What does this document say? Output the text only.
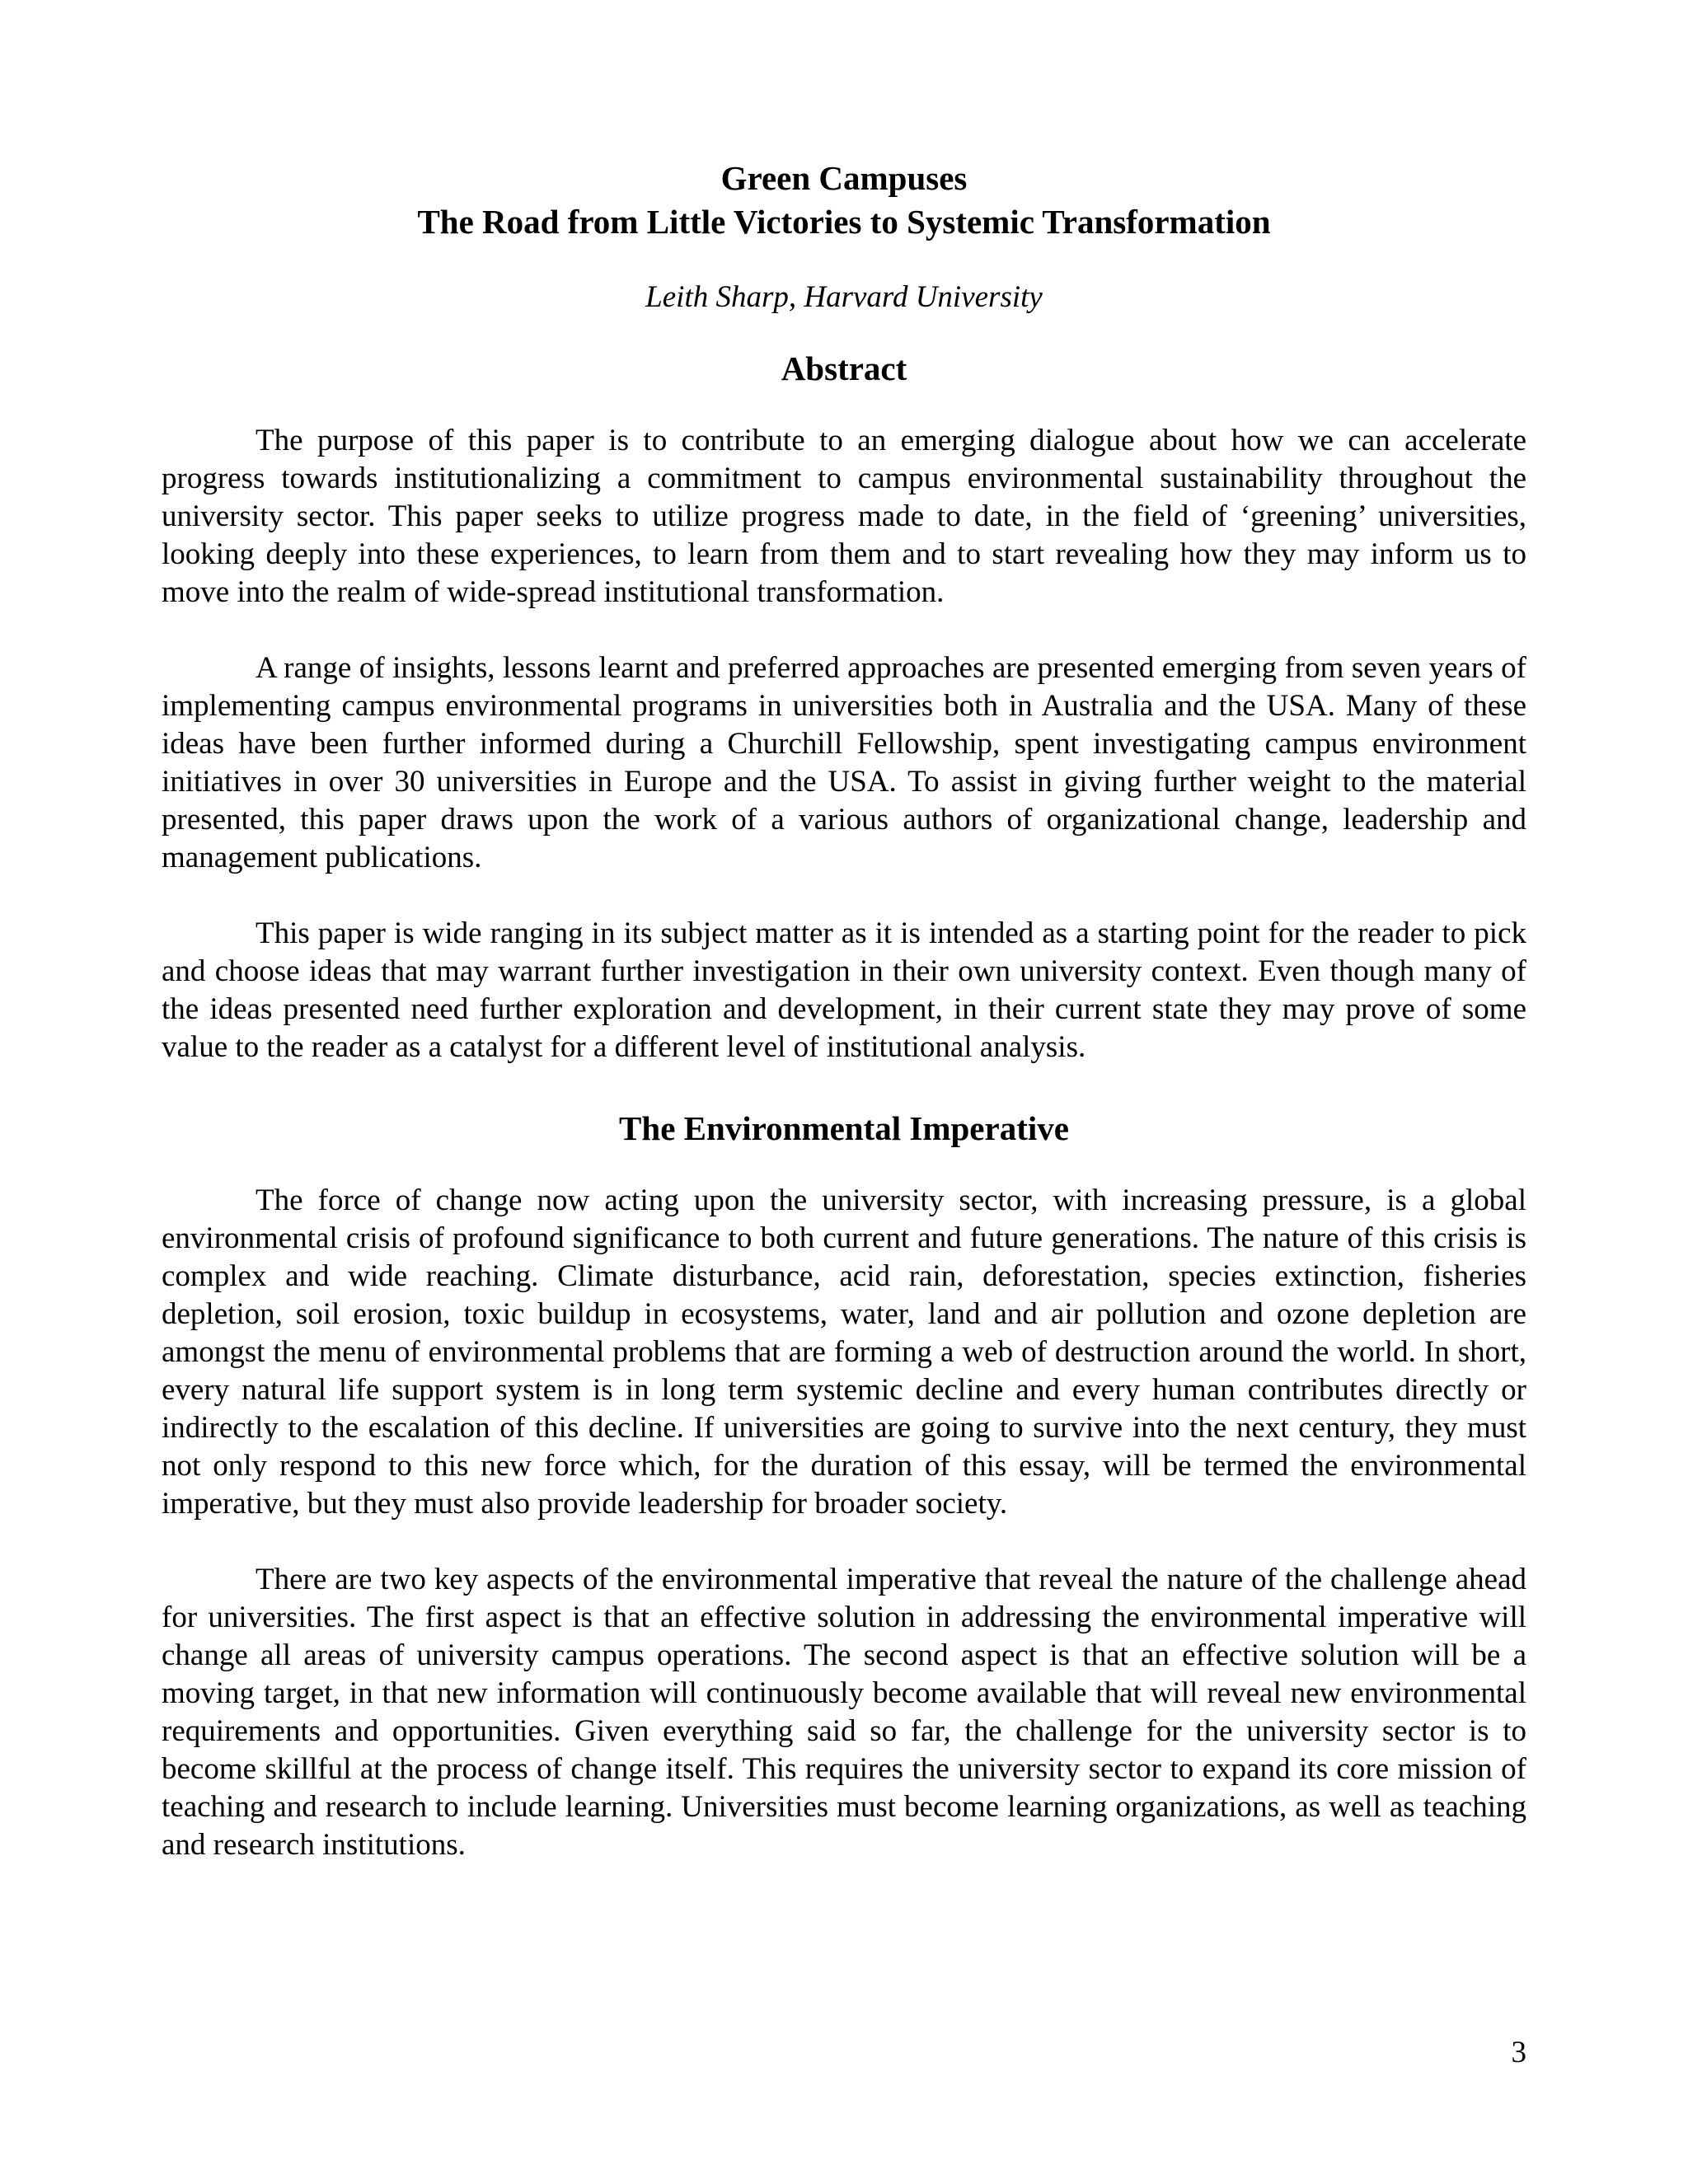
Green Campuses
The Road from Little Victories to Systemic Transformation

Leith Sharp, Harvard University

Abstract

The purpose of this paper is to contribute to an emerging dialogue about how we can accelerate progress towards institutionalizing a commitment to campus environmental sustainability throughout the university sector. This paper seeks to utilize progress made to date, in the field of ‘greening’ universities, looking deeply into these experiences, to learn from them and to start revealing how they may inform us to move into the realm of wide-spread institutional transformation.

A range of insights, lessons learnt and preferred approaches are presented emerging from seven years of implementing campus environmental programs in universities both in Australia and the USA. Many of these ideas have been further informed during a Churchill Fellowship, spent investigating campus environment initiatives in over 30 universities in Europe and the USA. To assist in giving further weight to the material presented, this paper draws upon the work of a various authors of organizational change, leadership and management publications.

This paper is wide ranging in its subject matter as it is intended as a starting point for the reader to pick and choose ideas that may warrant further investigation in their own university context. Even though many of the ideas presented need further exploration and development, in their current state they may prove of some value to the reader as a catalyst for a different level of institutional analysis.

The Environmental Imperative

The force of change now acting upon the university sector, with increasing pressure, is a global environmental crisis of profound significance to both current and future generations. The nature of this crisis is complex and wide reaching. Climate disturbance, acid rain, deforestation, species extinction, fisheries depletion, soil erosion, toxic buildup in ecosystems, water, land and air pollution and ozone depletion are amongst the menu of environmental problems that are forming a web of destruction around the world. In short, every natural life support system is in long term systemic decline and every human contributes directly or indirectly to the escalation of this decline. If universities are going to survive into the next century, they must not only respond to this new force which, for the duration of this essay, will be termed the environmental imperative, but they must also provide leadership for broader society.

There are two key aspects of the environmental imperative that reveal the nature of the challenge ahead for universities. The first aspect is that an effective solution in addressing the environmental imperative will change all areas of university campus operations. The second aspect is that an effective solution will be a moving target, in that new information will continuously become available that will reveal new environmental requirements and opportunities. Given everything said so far, the challenge for the university sector is to become skillful at the process of change itself. This requires the university sector to expand its core mission of teaching and research to include learning. Universities must become learning organizations, as well as teaching and research institutions.

3
